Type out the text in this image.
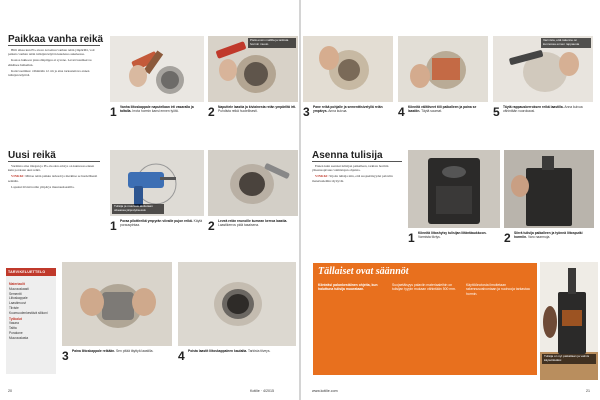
Paikkaa vanha reikä

Hiili alkaa kun PG-vuoto kovettuu vanhan reiän ympärillä, voit paikata vanhan reiän tulisijan käytön kuudessa askeleessa.

Kaatoa lukkoon pistoolinpiippu ei syvene. Leveä laastikerros ehkäisee halkeilun.

Kattovaatimus: vähintään 12 cm ja aina tarkastettava ennen tulisijan käyttöä.

1 Vanha liitoskappale naputellaan irti vasaralla ja taltalla. Irrota hormin kansi ennen työtä.
Pistä ensin mallilla ja tarkista hormin muoto
2 Naputtele laastia ja kiviainesta reiän ympäriltä irti. Puhdista reikä huolellisesti.
Uusi reikä

Varmista aina tilaajan ja PG-vuodon eristys on kunnossa ennen kuin porataan uusi reikä.

VINKKI: Mittaa reiän paikka tarkasti ja merkitse se huolellisesti seinään.

Lopuksi tiivistä reiän ympärys muurauslaastilla.

Tulisija ja muuraus aloitetaan oikeassa järjestyksessä
1 Poraa pilottireikä ympyrän viivalle pujon reikä. Käytä porauspintaa.	2 Leveä reiän reunoille kumean kerroa laastia. Laastikerros pidä tasaisena.
TARVIKELUETTELO
Materiaalit
Muurauslaasti
Sementti
Liitoskappale
Laastimuovi
Tiiviste
Kuumuudenkestävä silikoni
Työkalut
Vasara
Taltta
Porakone
Muurauslasta
3 Paina liitoskappale reikään. Sen pitää täyttyä laastilla.	4 Poista laastit liitoskappaleen kaulalta. Tarkista tiiveys.
3 Pane reikä pohjalle ja sementtisivelyllä reiän ympärys. Anna kuivua.	4 Kiinnitä välitiiveet tiili paikalleen ja paina se laastiin. Täytä saumat.
Varmista, että rakenne on kunnossa ennen rappausta
5 Täytä rappauskerroksen reikä laastilla. Anna kuivua vähintään vuorokausi.
Asenna tulisija

Ennen kuin asennat tulisijan paikalleen, tarkista hormin yhteensopivuus valmistajan ohjeista.

VINKKI: Sijoita tulisija niin, että suojaetäisyydet palaviin materiaaleihin täyttyvät.

1 Kiinnitä liitoshylsy tulisijan liitäntäaukkoon. Varmista tiiviys.	2 Siirrä tulisija paikalleen ja työnnä liitosputki hormiin. Varo naarmuja.
Tällaiset ovat säännöt
Kiinteäsi palonkestäinen ohjeita, kun haluttuna tulisija muurataan.
Suojaetäisyys palaviin materiaaleihin on tulisijan tyypin mukaan vähintään 500 mm.
Käyttöönotosta ilmoitetaan rakennusvalvontaan ja nuohooja tarkastaa hormin.
Tulisija on nyt paikallaan ja valmis käytettäväksi
20	Kotilie · 4/2015	www.kotilie.com	21
